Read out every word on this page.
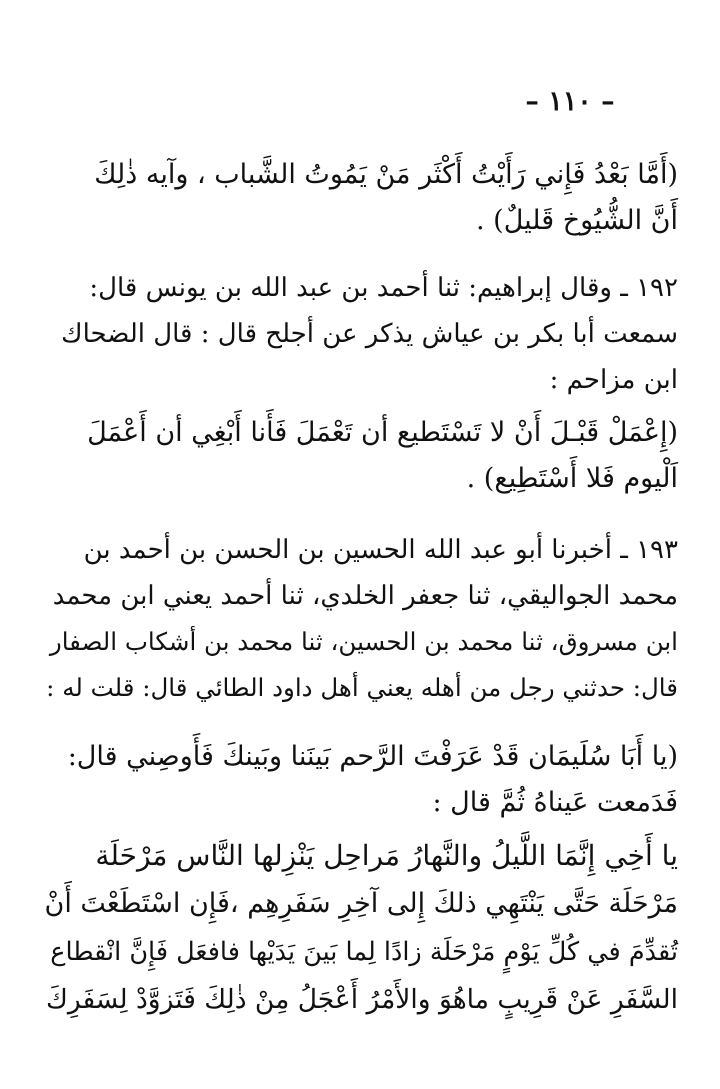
– ١١٠ –
(أَمَّا بَعْدُ فَإِني رَأَيْتُ أَكْثَر مَنْ يَمُوتُ الشَّباب ، وآيه ذٰلِكَ
أَنَّ الشُّيُوخ قَليلٌ) .
١٩٢ ـ وقال إبراهيم: ثنا أحمد بن عبد الله بن يونس قال:
سمعت أبا بكر بن عياش يذكر عن أجلح قال : قال الضحاك
ابن مزاحم :
(إِعْمَلْ قَبْـلَ أَنْ لا تَسْتَطيع أن تَعْمَلَ فَأَنا أَبْغِي أن أَعْمَلَ
اَلْيوم فَلا أَسْتَطِيع) .
١٩٣ ـ أخبرنا أبو عبد الله الحسين بن الحسن بن أحمد بن
محمد الجواليقي، ثنا جعفر الخلدي، ثنا أحمد يعني ابن محمد
ابن مسروق، ثنا محمد بن الحسين، ثنا محمد بن أشكاب الصفار
قال: حدثني رجل من أهله يعني أهل داود الطائي قال: قلت له :
(يا أَبَا سُلَيمَان قَدْ عَرَفْتَ الرَّحم بَينَنا وبَينكَ فَأَوصِني قال:
فَدَمعت عَيناهُ ثُمَّ قال :
يا أَخِي إِنَّمَا اللَّيلُ والنَّهارُ مَراحِل يَنْزِلها النَّاس مَرْحَلَة
مَرْحَلَة حَتَّى يَنْتَهِي ذلكَ إِلى آخِرِ سَفَرِهِم ،فَإِن اسْتَطَعْتَ أَنْ
تُقدِّمَ في كُلِّ يَوْمٍ مَرْحَلَة زادًا لِما بَينَ يَدَيْها فافعَل فَإِنَّ انْقطاع
السَّفَرِ عَنْ قَرِيبٍ ماهُوَ والأَمْرُ أَعْجَلُ مِنْ ذٰلِكَ فَتَزوَّدْ لِسَفَرِكَ
